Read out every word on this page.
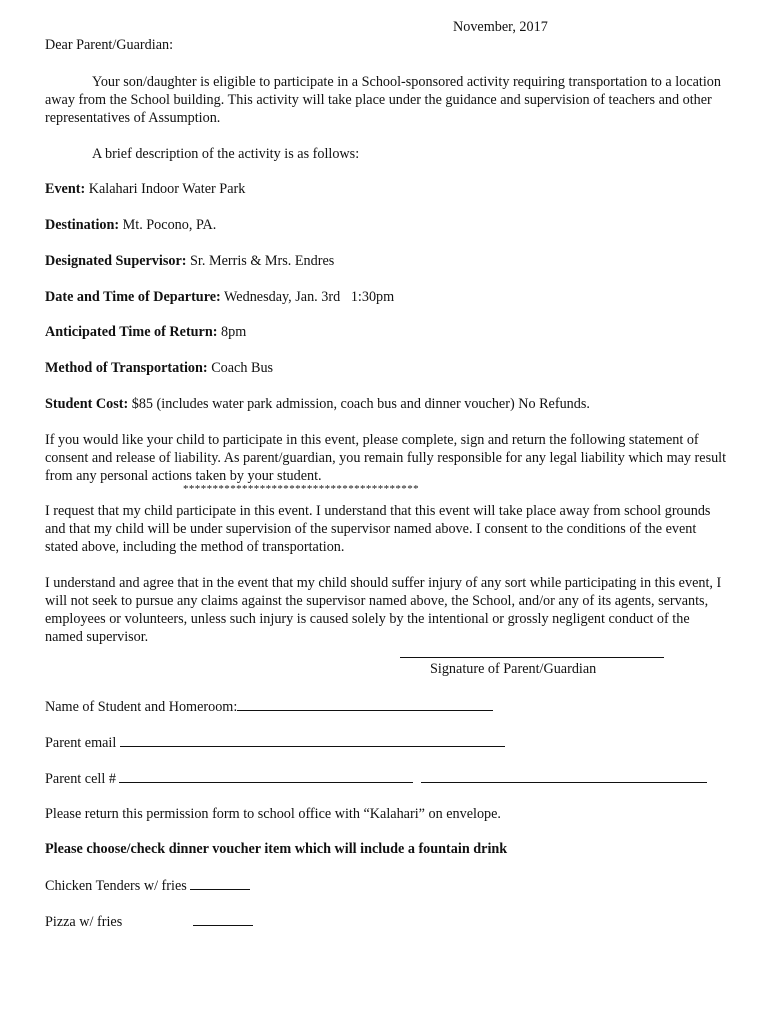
November, 2017
Dear Parent/Guardian:
Your son/daughter is eligible to participate in a School-sponsored activity requiring transportation to a location away from the School building. This activity will take place under the guidance and supervision of teachers and other representatives of Assumption.
A brief description of the activity is as follows:
Event: Kalahari Indoor Water Park
Destination: Mt. Pocono, PA.
Designated Supervisor: Sr. Merris & Mrs. Endres
Date and Time of Departure: Wednesday, Jan. 3rd   1:30pm
Anticipated Time of Return: 8pm
Method of Transportation: Coach Bus
Student Cost: $85 (includes water park admission, coach bus and dinner voucher) No Refunds.
If you would like your child to participate in this event, please complete, sign and return the following statement of consent and release of liability. As parent/guardian, you remain fully responsible for any legal liability which may result from any personal actions taken by your student.
****************************************
I request that my child participate in this event. I understand that this event will take place away from school grounds and that my child will be under supervision of the supervisor named above. I consent to the conditions of the event stated above, including the method of transportation.
I understand and agree that in the event that my child should suffer injury of any sort while participating in this event, I will not seek to pursue any claims against the supervisor named above, the School, and/or any of its agents, servants, employees or volunteers, unless such injury is caused solely by the intentional or grossly negligent conduct of the named supervisor.
Signature of Parent/Guardian
Name of Student and Homeroom:
Parent email
Parent cell #
Please return this permission form to school office with “Kalahari” on envelope.
Please choose/check dinner voucher item which will include a fountain drink
Chicken Tenders w/ fries
Pizza w/ fries
